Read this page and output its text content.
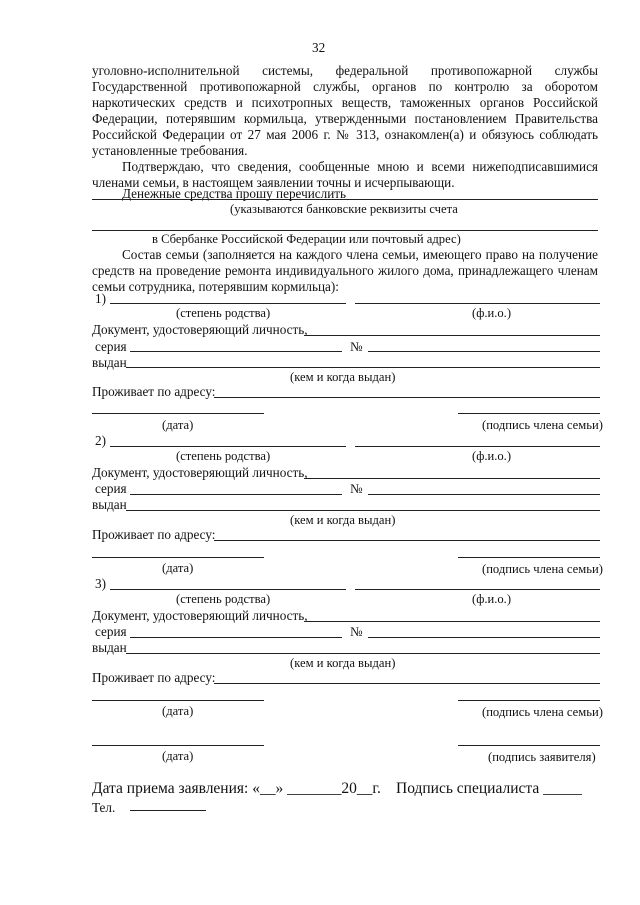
32
уголовно-исполнительной системы, федеральной противопожарной службы
Государственной противопожарной службы, органов по контролю за оборотом
наркотических средств и психотропных веществ, таможенных органов Российской
Федерации, потерявшим кормильца, утвержденными постановлением Правительства
Российской Федерации от 27 мая 2006 г. № 313, ознакомлен(а) и обязуюсь соблюдать
установленные требования.
Подтверждаю, что сведения, сообщенные мною и всеми нижеподписавшимися
членами семьи, в настоящем заявлении точны и исчерпывающи.
Денежные средства прошу перечислить
(указываются банковские реквизиты счета
в Сбербанке Российской Федерации или почтовый адрес)
Состав семьи (заполняется на каждого члена семьи, имеющего право на получение
средств на проведение ремонта индивидуального жилого дома, принадлежащего членам
семьи сотрудника, потерявшим кормильца):
1)
(степень родства)	(ф.и.о.)
Документ, удостоверяющий личность,
серия	№
выдан
(кем и когда выдан)
Проживает по адресу:
(дата)	(подпись члена семьи)
2)
(степень родства)	(ф.и.о.)
Документ, удостоверяющий личность,
серия	№
выдан
(кем и когда выдан)
Проживает по адресу:
(дата)	(подпись члена семьи)
3)
(степень родства)	(ф.и.о.)
Документ, удостоверяющий личность,
серия	№
выдан
(кем и когда выдан)
Проживает по адресу:
(дата)	(подпись члена семьи)
(дата)	(подпись заявителя)
Дата приема заявления: «__» _______20__г. Подпись специалиста _____
Тел.
